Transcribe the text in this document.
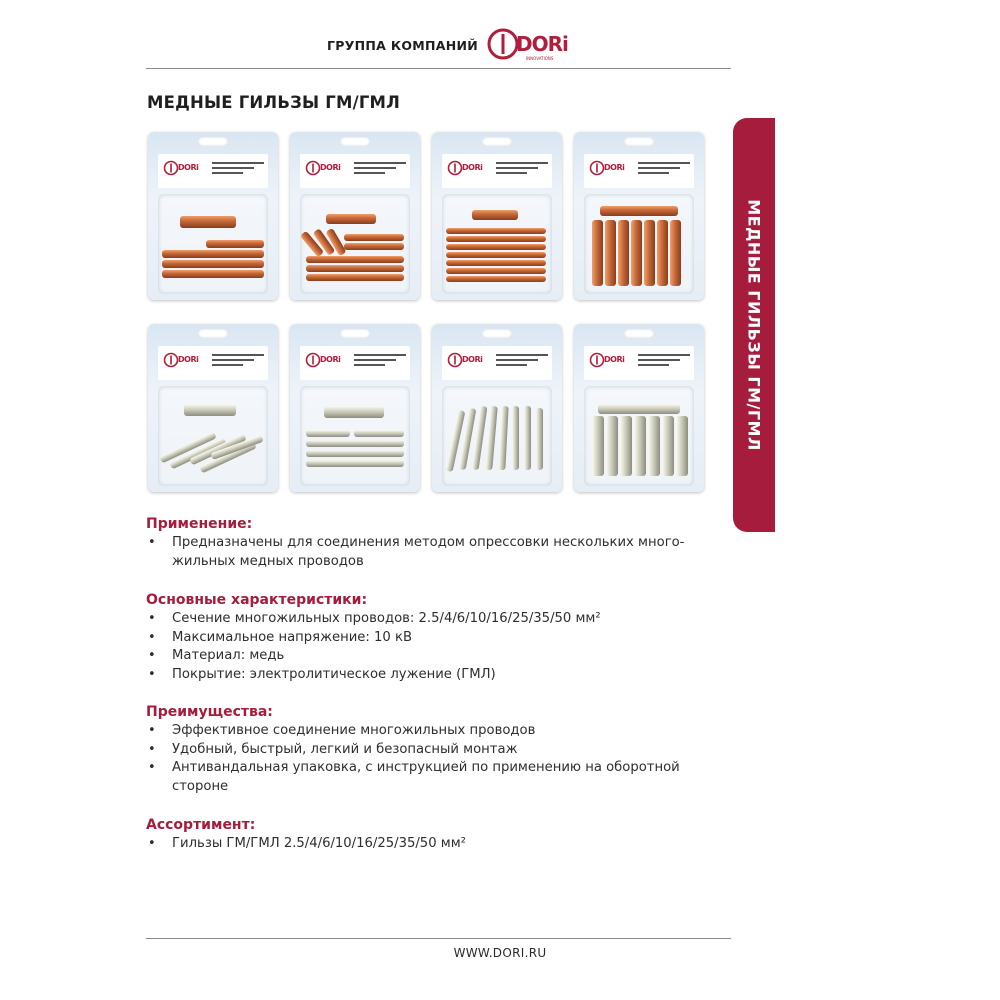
ГРУППА КОМПАНИЙ DORi
INNOVATIONS
МЕДНЫЕ ГИЛЬЗЫ ГМ/ГМЛ
МЕДНЫЕ ГИЛЬЗЫ ГМ/ГМЛ
DORi	DORi	DORi	DORi
DORi	DORi	DORi	DORi
Применение:
• Предназначены для соединения методом опрессовки нескольких много-жильных медных проводов
Основные характеристики:
• Сечение многожильных проводов: 2.5/4/6/10/16/25/35/50 мм²
• Максимальное напряжение: 10 кВ
• Материал: медь
• Покрытие: электролитическое лужение (ГМЛ)
Преимущества:
• Эффективное соединение многожильных проводов
• Удобный, быстрый, легкий и безопасный монтаж
• Антивандальная упаковка, с инструкцией по применению на оборотной стороне
Ассортимент:
• Гильзы ГМ/ГМЛ 2.5/4/6/10/16/25/35/50 мм²
WWW.DORI.RU
